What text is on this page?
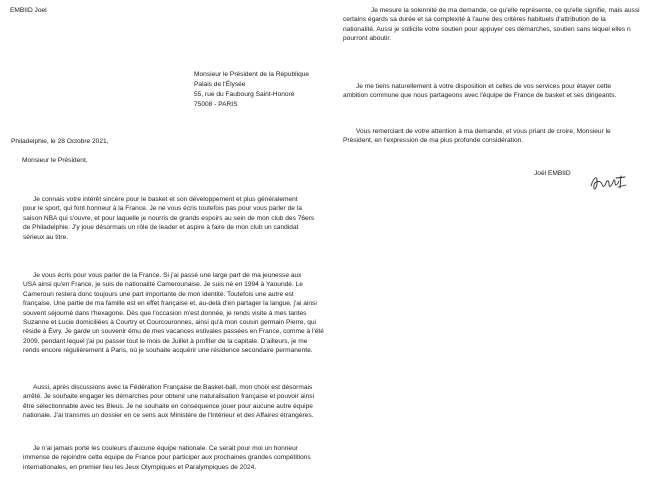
EMBIID Joel

Monsieur le Président de la République

Palais de l'Élysée

55, rue du Faubourg Saint-Honoré

75008 - PARIS

Philadelphie, le 28 Octobre 2021,

Monsieur le Président,

Je connais votre intérêt sincère pour le basket et son développement et plus généralement
pour le sport, qui font honneur à la France. Je ne vous écris toutefois pas pour vous parler de la
saison NBA qui s'ouvre, et pour laquelle je nourris de grands espoirs au sein de mon club des 76ers
de Philadelphie. J'y joue désormais un rôle de leader et aspire à faire de mon club un candidat
sérieux au titre.
Je vous écris pour vous parler de la France. Si j'ai passé une large part de ma jeunesse aux
USA ainsi qu'en France, je suis de nationalité Camerounaise. Je suis né en 1994 à Yaoundé. Le
Cameroun restera donc toujours une part importante de mon identité. Toutefois une autre est
française. Une partie de ma famille est en effet française et, au-delà d'en partager la langue, j'ai ainsi
souvent séjourné dans l'hexagone. Dès que l'occasion m'est donnée, je rends visite à mes tantes
Suzanne et Lucie domiciliées à Courtry et Courcouronnes, ainsi qu'à mon cousin germain Pierre, qui
réside à Évry. Je garde un souvenir ému de mes vacances estivales passées en France, comme à l'été
2009, pendant lequel j'ai pu passer tout le mois de Juillet à profiter de la capitale. D'ailleurs, je me
rends encore régulièrement à Paris, où je souhaite acquérir une résidence secondaire permanente.
Aussi, après discussions avec la Fédération Française de Basket-ball, mon choix est désormais
arrêté. Je souhaite engager les démarches pour obtenir une naturalisation française et pouvoir ainsi
être sélectionnable avec les Bleus. Je ne souhaite en conséquence jouer pour aucune autre équipe
nationale. J'ai transmis un dossier en ce sens aux Ministère de l'Intérieur et des Affaires étrangères.
Je n'ai jamais porté les couleurs d'aucune équipe nationale. Ce serait pour moi un honneur
immense de rejoindre cette équipe de France pour participer aux prochaines grandes compétitions
internationales, en premier lieu les Jeux Olympiques et Paralympiques de 2024.
Je mesure la solennité de ma demande, ce qu'elle représente, ce qu'elle signifie, mais aussi
certains égards sa durée et sa complexité à l'aune des critères habituels d'attribution de la
nationalité. Aussi je sollicite votre soutien pour appuyer ces démarches, soutien sans lequel elles n
pourront aboutir.
Je me tiens naturellement à votre disposition et celles de vos services pour étayer cette
ambition commune que nous partageons avec l'équipe de France de basket et ses dirigeants.
Vous remerciant de votre attention à ma demande, et vous priant de croire, Monsieur le
Président, en l'expression de ma plus profonde considération.

Joël EMBIID
